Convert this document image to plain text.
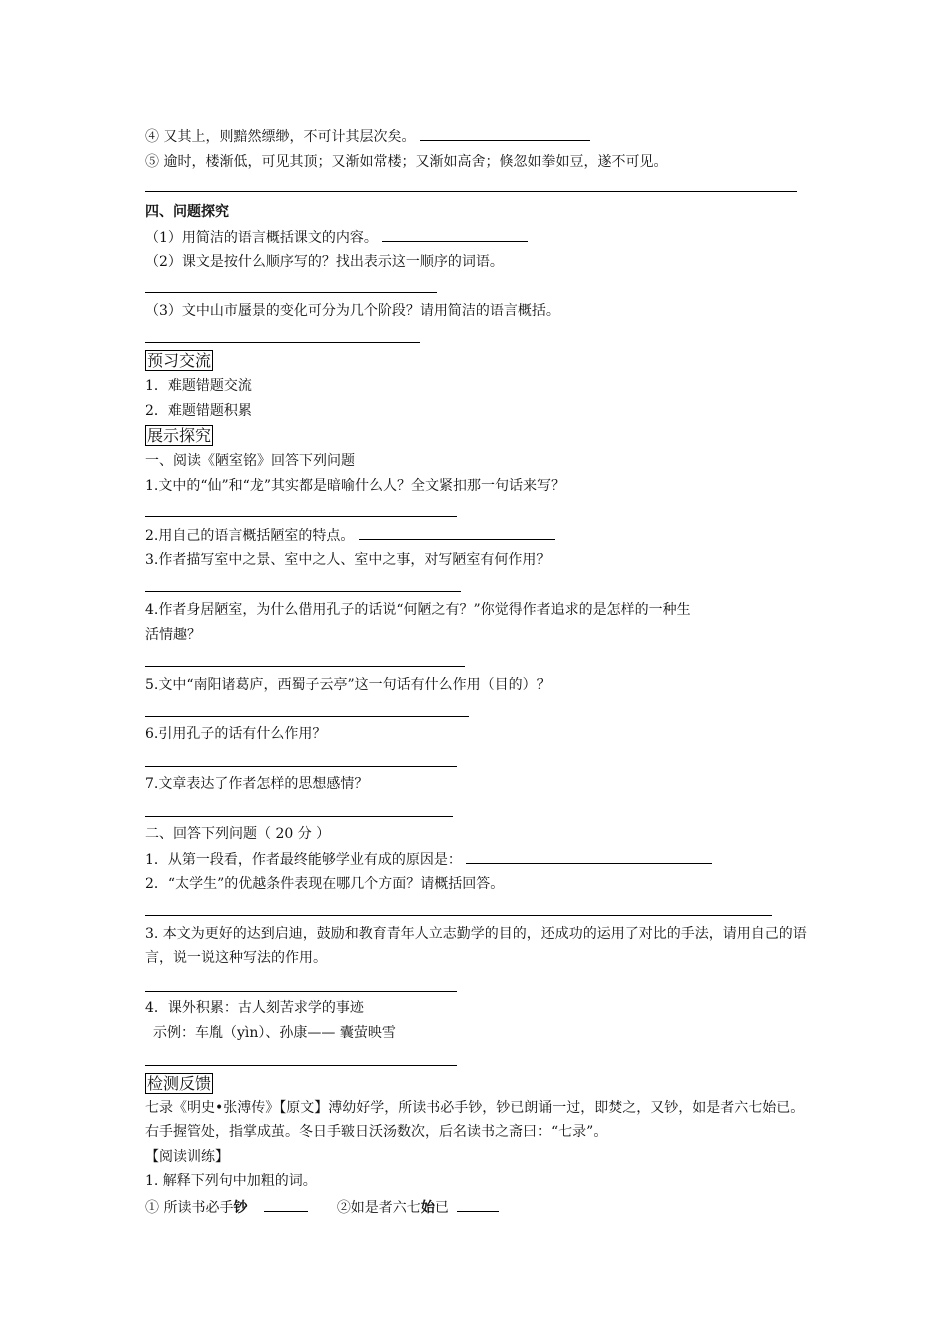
④ 又其上，则黯然缥缈，不可计其层次矣。
⑤ 逾时，楼渐低，可见其顶；又渐如常楼；又渐如高舍；倏忽如拳如豆，遂不可见。
四、问题探究
（1）用简洁的语言概括课文的内容。
（2）课文是按什么顺序写的？找出表示这一顺序的词语。
（3）文中山市蜃景的变化可分为几个阶段？请用简洁的语言概括。
预习交流
1．难题错题交流
2．难题错题积累
展示探究
一、阅读《陋室铭》回答下列问题
1.文中的“仙”和“龙”其实都是暗喻什么人？全文紧扣那一句话来写？
2.用自己的语言概括陋室的特点。
3.作者描写室中之景、室中之人、室中之事，对写陋室有何作用？
4.作者身居陋室，为什么借用孔子的话说“何陋之有？”你觉得作者追求的是怎样的一种生
活情趣？
5.文中“南阳诸葛庐，西蜀子云亭”这一句话有什么作用（目的）？
6.引用孔子的话有什么作用？
7.文章表达了作者怎样的思想感情？
二、回答下列问题（ 20 分 ）
1．从第一段看，作者最终能够学业有成的原因是：
2．“太学生”的优越条件表现在哪几个方面？请概括回答。
3. 本文为更好的达到启迪，鼓励和教育青年人立志勤学的目的，还成功的运用了对比的手法，请用自己的语言，说一说这种写法的作用。
4．课外积累：古人刻苦求学的事迹
示例：车胤（yìn）、孙康—— 囊萤映雪
检测反馈
七录《明史•张溥传》【原文】溥幼好学，所读书必手钞，钞已朗诵一过，即焚之，又钞，如是者六七始已。右手握管处，指掌成茧。冬日手皲日沃汤数次，后名读书之斋曰：“七录”。
【阅读训练】
1. 解释下列句中加粗的词。
① 所读书必手钞	②如是者六七始已
